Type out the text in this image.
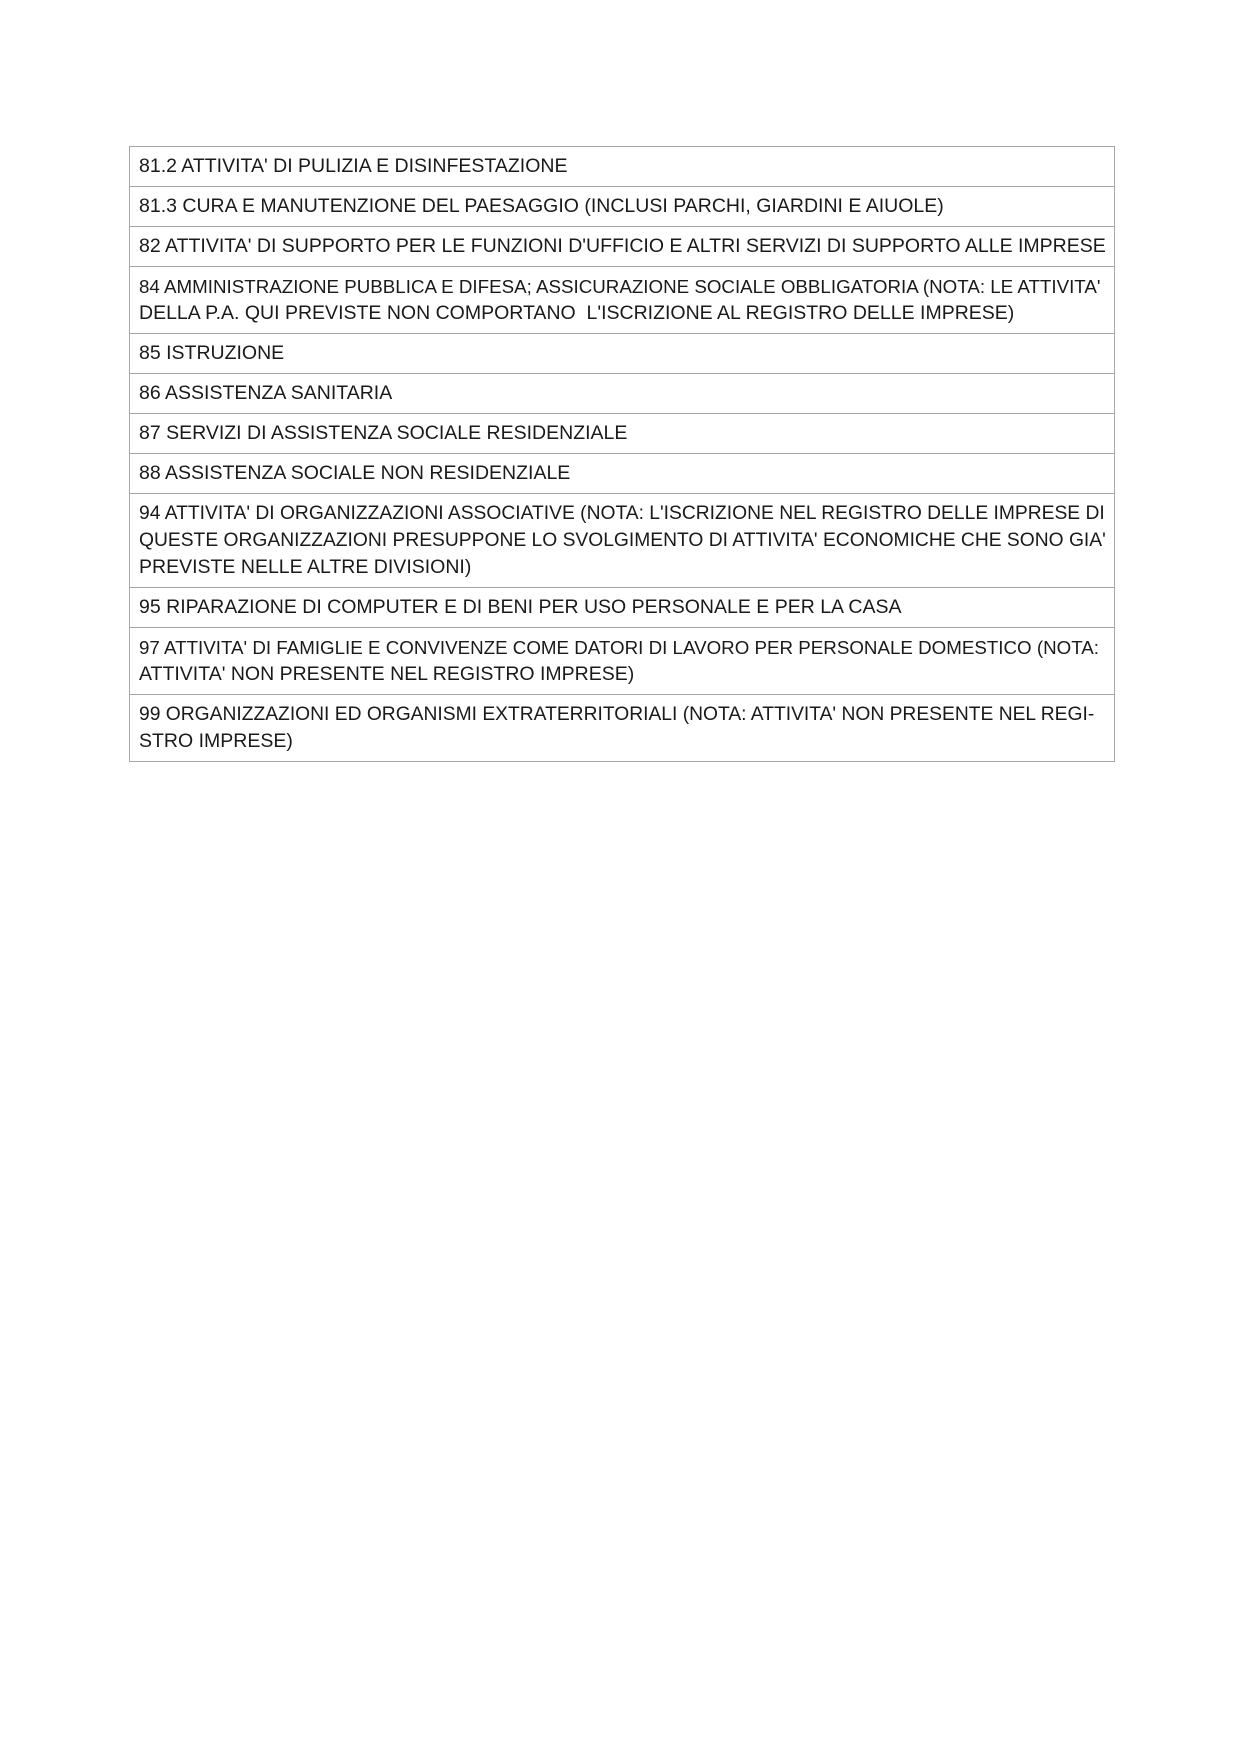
81.2 ATTIVITA' DI PULIZIA E DISINFESTAZIONE

81.3 CURA E MANUTENZIONE DEL PAESAGGIO (INCLUSI PARCHI, GIARDINI E AIUOLE)

82 ATTIVITA' DI SUPPORTO PER LE FUNZIONI D'UFFICIO E ALTRI SERVIZI DI SUPPORTO ALLE IMPRESE

84 AMMINISTRAZIONE PUBBLICA E DIFESA; ASSICURAZIONE SOCIALE OBBLIGATORIA (NOTA: LE ATTIVITA'
DELLA P.A. QUI PREVISTE NON COMPORTANO  L'ISCRIZIONE AL REGISTRO DELLE IMPRESE)

85 ISTRUZIONE

86 ASSISTENZA SANITARIA

87 SERVIZI DI ASSISTENZA SOCIALE RESIDENZIALE

88 ASSISTENZA SOCIALE NON RESIDENZIALE

94 ATTIVITA' DI ORGANIZZAZIONI ASSOCIATIVE (NOTA: L'ISCRIZIONE NEL REGISTRO DELLE IMPRESE DI
QUESTE ORGANIZZAZIONI PRESUPPONE LO SVOLGIMENTO DI ATTIVITA' ECONOMICHE CHE SONO GIA'
PREVISTE NELLE ALTRE DIVISIONI)

95 RIPARAZIONE DI COMPUTER E DI BENI PER USO PERSONALE E PER LA CASA

97 ATTIVITA' DI FAMIGLIE E CONVIVENZE COME DATORI DI LAVORO PER PERSONALE DOMESTICO (NOTA:
ATTIVITA' NON PRESENTE NEL REGISTRO IMPRESE)

99 ORGANIZZAZIONI ED ORGANISMI EXTRATERRITORIALI (NOTA: ATTIVITA' NON PRESENTE NEL REGI-
STRO IMPRESE)
